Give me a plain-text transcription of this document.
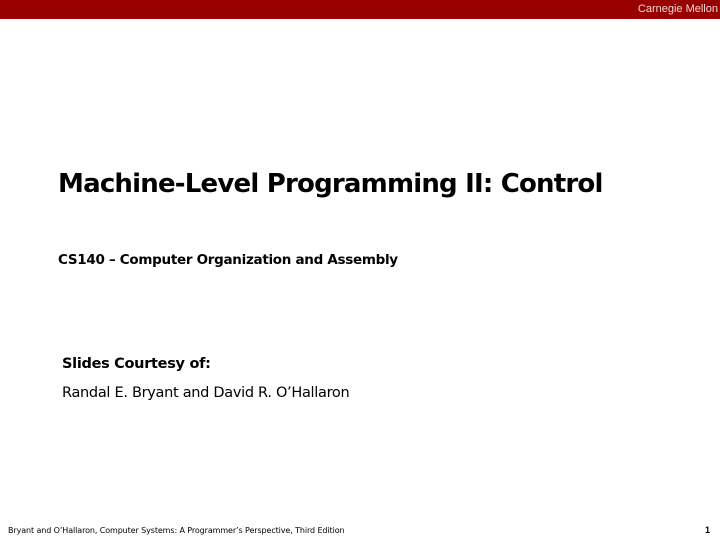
Carnegie Mellon
Machine-Level Programming II: Control
CS140 – Computer Organization and Assembly

Slides Courtesy of:

Randal E. Bryant and David R. O’Hallaron

Bryant and O’Hallaron, Computer Systems: A Programmer’s Perspective, Third Edition	1
